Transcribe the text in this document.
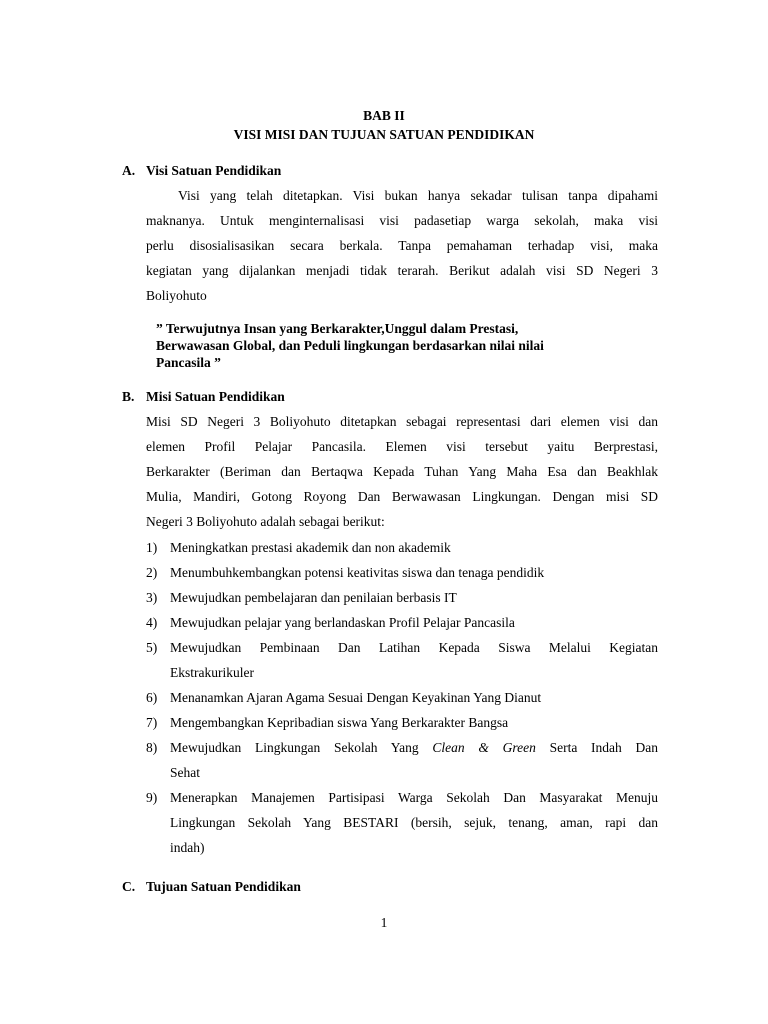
BAB II
VISI MISI DAN TUJUAN SATUAN PENDIDIKAN
A. Visi Satuan Pendidikan
Visi yang telah ditetapkan. Visi bukan hanya sekadar tulisan tanpa dipahami
maknanya. Untuk menginternalisasi visi padasetiap warga sekolah, maka visi
perlu disosialisasikan secara berkala. Tanpa pemahaman terhadap visi, maka
kegiatan yang dijalankan menjadi tidak terarah. Berikut adalah visi SD Negeri 3
Boliyohuto
” Terwujutnya Insan yang Berkarakter,Unggul dalam Prestasi,
Berwawasan Global, dan Peduli lingkungan berdasarkan nilai nilai
Pancasila ”
B. Misi Satuan Pendidikan
Misi SD Negeri 3 Boliyohuto ditetapkan sebagai representasi dari elemen visi dan
elemen Profil Pelajar Pancasila. Elemen visi tersebut yaitu Berprestasi,
Berkarakter (Beriman dan Bertaqwa Kepada Tuhan Yang Maha Esa dan Beakhlak
Mulia, Mandiri, Gotong Royong Dan Berwawasan Lingkungan. Dengan misi SD
Negeri 3 Boliyohuto adalah sebagai berikut:
1) Meningkatkan prestasi akademik dan non akademik
2) Menumbuhkembangkan potensi keativitas siswa dan tenaga pendidik
3) Mewujudkan pembelajaran dan penilaian berbasis IT
4) Mewujudkan pelajar yang berlandaskan Profil Pelajar Pancasila
5) Mewujudkan Pembinaan Dan Latihan Kepada Siswa Melalui Kegiatan
Ekstrakurikuler
6) Menanamkan Ajaran Agama Sesuai Dengan Keyakinan Yang Dianut
7) Mengembangkan Kepribadian siswa Yang Berkarakter Bangsa
8) Mewujudkan Lingkungan Sekolah Yang Clean & Green Serta Indah Dan
Sehat
9) Menerapkan Manajemen Partisipasi Warga Sekolah Dan Masyarakat Menuju
Lingkungan Sekolah Yang BESTARI (bersih, sejuk, tenang, aman, rapi dan
indah)
C. Tujuan Satuan Pendidikan
1
